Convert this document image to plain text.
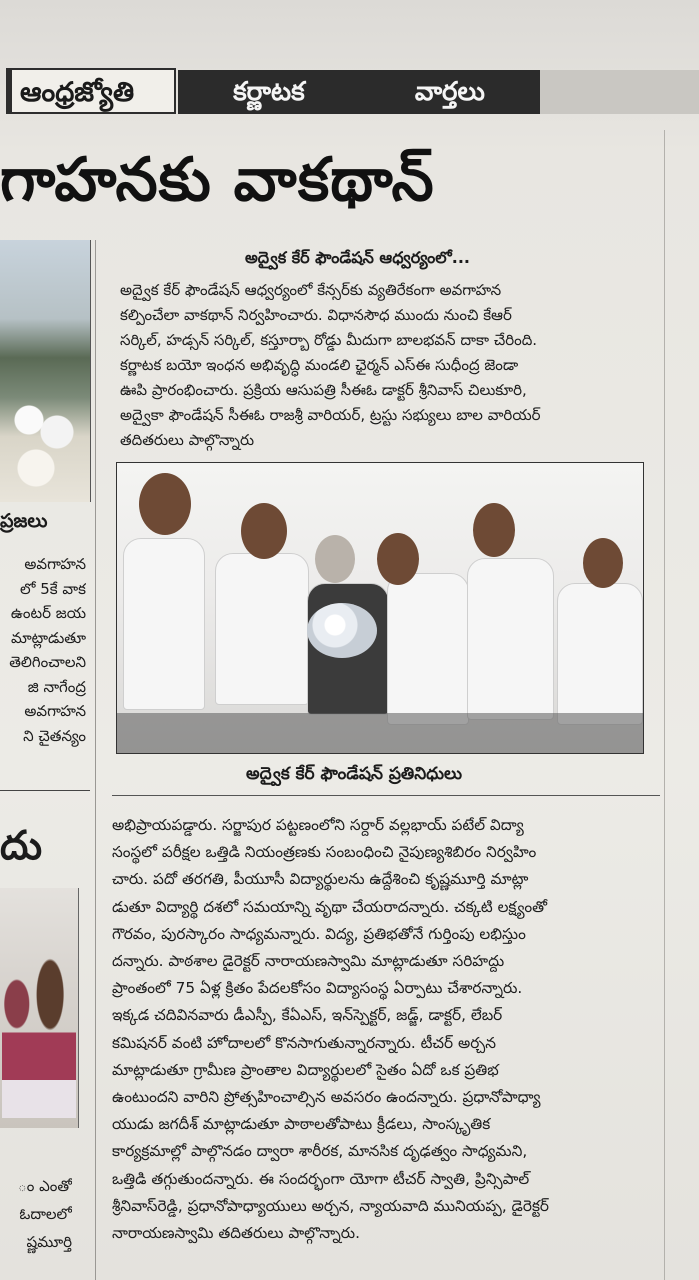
ఆంధ్రజ్యోతి	కర్ణాటక	వార్తలు
గాహనకు వాకథాన్
ప్రజలు
అవగాహన
లో 5కే వాక
ఉంటర్ జయ
మాట్లాడుతూ
తెలిగించాలని
జి నాగేంద్ర
అవగాహన
ని చైతన్యం
దు
ం ఎంతో
ఓదాలలో
ష్ణమూర్తి
అద్వైక కేర్ ఫౌండేషన్ ఆధ్వర్యంలో...

అద్వైక కేర్ ఫౌండేషన్ ఆధ్వర్యంలో కేన్సర్‌కు వ్యతిరేకంగా అవగాహన

కల్పించేలా వాకథాన్ నిర్వహించారు. విధానసౌధ ముందు నుంచి కేఆర్

సర్కిల్, హడ్సన్ సర్కిల్, కస్తూర్బా రోడ్డు మీదుగా బాలభవన్ దాకా చేరింది.

కర్ణాటక బయో ఇంధన అభివృద్ధి మండలి ఛైర్మన్ ఎస్ఈ సుధీంద్ర జెండా

ఊపి ప్రారంభించారు. ప్రక్రియ ఆసుపత్రి సీఈఓ డాక్టర్ శ్రీనివాస్ చిలుకూరి,

అద్వైకా ఫౌండేషన్ సీఈఓ రాజశ్రీ వారియర్, ట్రస్టు సభ్యులు బాల వారియర్

తదితరులు పాల్గొన్నారు

అద్వైక కేర్ ఫౌండేషన్ ప్రతినిధులు

అభిప్రాయపడ్డారు. సర్జాపుర పట్టణంలోని సర్దార్ వల్లభాయ్ పటేల్ విద్యా

సంస్థలో పరీక్షల ఒత్తిడి నియంత్రణకు సంబంధించి నైపుణ్యశిబిరం నిర్వహిం

చారు. పదో తరగతి, పీయూసీ విద్యార్థులను ఉద్దేశించి కృష్ణమూర్తి మాట్లా

డుతూ విద్యార్థి దశలో సమయాన్ని వృథా చేయరాదన్నారు. చక్కటి లక్ష్యంతో

గౌరవం, పురస్కారం సాధ్యమన్నారు. విద్య, ప్రతిభతోనే గుర్తింపు లభిస్తుం

దన్నారు. పాఠశాల డైరెక్టర్ నారాయణస్వామి మాట్లాడుతూ సరిహద్దు

ప్రాంతంలో 75 ఏళ్ల క్రితం పేదలకోసం విద్యాసంస్థ ఏర్పాటు చేశారన్నారు.

ఇక్కడ చదివినవారు డీఎస్పీ, కేఏఎస్, ఇన్‌స్పెక్టర్, జడ్జ్, డాక్టర్, లేబర్

కమిషనర్ వంటి హోదాలలో కొనసాగుతున్నారన్నారు. టీచర్ అర్చన

మాట్లాడుతూ గ్రామీణ ప్రాంతాల విద్యార్థులలో సైతం ఏదో ఒక ప్రతిభ

ఉంటుందని వారిని ప్రోత్సహించాల్సిన అవసరం ఉందన్నారు. ప్రధానోపాధ్యా

యుడు జగదీశ్ మాట్లాడుతూ పాఠాలతోపాటు క్రీడలు, సాంస్కృతిక

కార్యక్రమాల్లో పాల్గొనడం ద్వారా శారీరక, మానసిక దృఢత్వం సాధ్యమని,

ఒత్తిడి తగ్గుతుందన్నారు. ఈ సందర్భంగా యోగా టీచర్ స్వాతి, ప్రిన్సిపాల్

శ్రీనివాస్‌రెడ్డి, ప్రధానోపాధ్యాయులు అర్చన, న్యాయవాది మునియప్ప, డైరెక్టర్

నారాయణస్వామి తదితరులు పాల్గొన్నారు.
